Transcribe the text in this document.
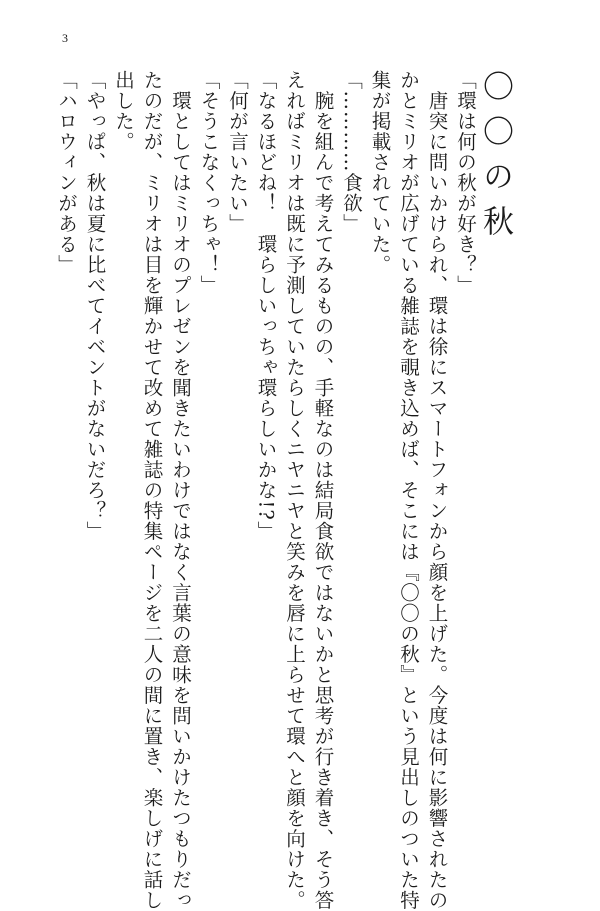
3
〇〇の秋
「環は何の秋が好き？」
　唐突に問いかけられ、環は徐にスマートフォンから顔を上げた。今度は何に影響されたの
かとミリオが広げている雑誌を覗き込めば、そこには『〇〇の秋』という見出しのついた特
集が掲載されていた。
「…………食欲」
　腕を組んで考えてみるものの、手軽なのは結局食欲ではないかと思考が行き着き、そう答
えればミリオは既に予測していたらしくニヤニヤと笑みを唇に上らせて環へと顔を向けた。
「なるほどね！　環らしいっちゃ環らしいかな!?」
「何が言いたい」
「そうこなくっちゃ！」
　環としてはミリオのプレゼンを聞きたいわけではなく言葉の意味を問いかけたつもりだっ
たのだが、ミリオは目を輝かせて改めて雑誌の特集ページを二人の間に置き、楽しげに話し
出した。
「やっぱ、秋は夏に比べてイベントがないだろ？」
「ハロウィンがある」
